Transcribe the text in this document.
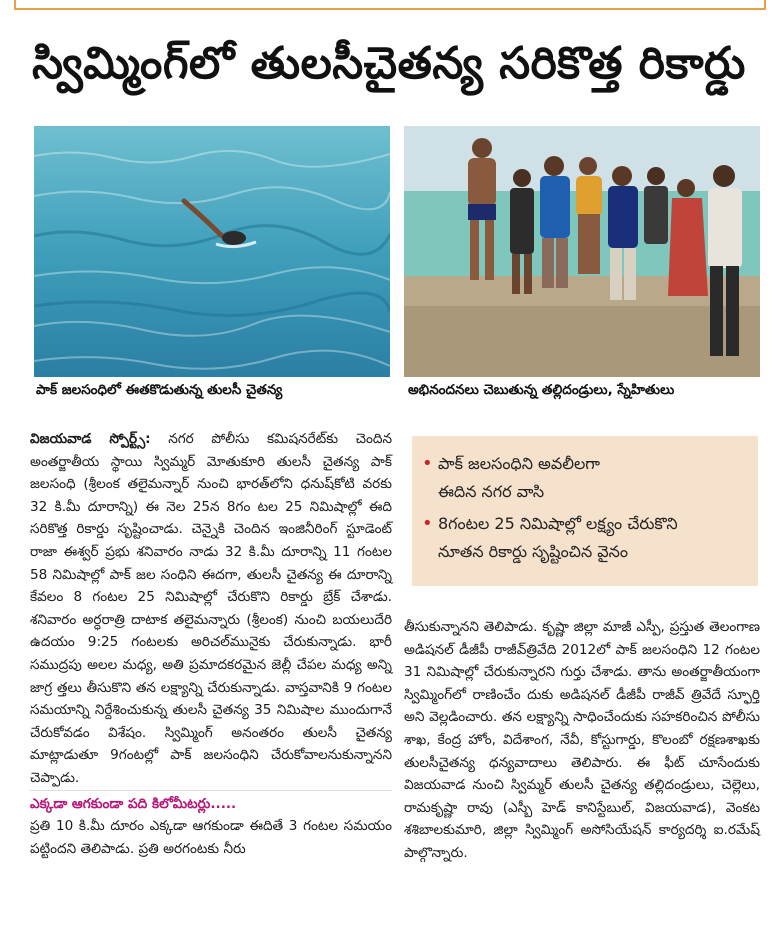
స్విమ్మింగ్‌లో తులసీచైతన్య సరికొత్త రికార్డు
పాక్ జలసంధిలో ఈతకొడుతున్న తులసీ చైతన్య	అభినందనలు చెబుతున్న తల్లిదండ్రులు, స్నేహితులు

విజయవాడ స్పోర్ట్స్: నగర పోలీసు కమిషనరేట్‌కు చెందిన అంతర్జాతీయ స్థాయి స్విమ్మర్ మోతుకూరి తులసీ చైతన్య పాక్ జలసంధి (శ్రీలంక తలైమన్నార్ నుంచి భారత్‌లోని ధనుష్‌కోటి వరకు 32 కి.మీ దూరాన్ని) ఈ నెల 25న 8గం టల 25 నిమిషాల్లో ఈది సరికొత్త రికార్డు సృష్టించాడు. చెన్నైకి చెందిన ఇంజినీరింగ్ స్టూడెంట్ రాజా ఈశ్వర్ ప్రభు శనివారం నాడు 32 కి.మీ దూరాన్ని 11 గంటల 58 నిమిషాల్లో పాక్ జల సంధిని ఈదగా, తులసీ చైతన్య ఈ దూరాన్ని కేవలం 8 గంటల 25 నిమిషాల్లో చేరుకొని రికార్డు బ్రేక్ చేశాడు. శనివారం అర్ధరాత్రి దాటాక తలైమన్నారు (శ్రీలంక) నుంచి బయలుదేరి ఉదయం 9:25 గంటలకు అరిచల్‌మునైకు చేరుకున్నాడు. భారీ సముద్రపు అలల మధ్య, అతి ప్రమాదకరమైన జెల్లీ చేపల మధ్య అన్ని జాగ్ర త్తలు తీసుకొని తన లక్ష్యాన్ని చేరుకున్నాడు. వాస్తవానికి 9 గంటల సమయాన్ని నిర్దేశించుకున్న తులసీ చైతన్య 35 నిమిషాల ముందుగానే చేరుకోవడం విశేషం. స్విమ్మింగ్ అనంతరం తులసీ చైతన్య మాట్లాడుతూ 9గంటల్లో పాక్ జలసంధిని చేరుకోవాలనుకున్నానని చెప్పాడు.

ఎక్కడా ఆగకుండా పది కిలోమీటర్లు.....

ప్రతి 10 కి.మీ దూరం ఎక్కడా ఆగకుండా ఈదితే 3 గంటల సమయం పట్టిందని తెలిపాడు. ప్రతి అరగంటకు నీరు

• పాక్ జలసంధిని అవలీలగా
ఈదిన నగర వాసి
• 8గంటల 25 నిమిషాల్లో లక్ష్యం చేరుకొని
నూతన రికార్డు సృష్టించిన వైనం

తీసుకున్నానని తెలిపాడు. కృష్ణా జిల్లా మాజీ ఎస్పీ, ప్రస్తుత తెలంగాణ అడిషనల్ డీజీపీ రాజీవ్‌త్రివేది 2012లో పాక్ జలసంధిని 12 గంటల 31 నిమిషాల్లో చేరుకున్నారని గుర్తు చేశాడు. తాను అంతర్జాతీయంగా స్విమ్మింగ్‌లో రాణించేం దుకు అడిషనల్ డీజీపీ రాజీవ్ త్రివేదే స్ఫూర్తి అని వెల్లడించారు. తన లక్ష్యాన్ని సాధించేందుకు సహకరించిన పోలీసు శాఖ, కేంద్ర హోం, విదేశాంగ, నేవీ, కోస్టుగార్డు, కొలంబో రక్షణశాఖకు తులసీచైతన్య ధన్యవాదాలు తెలిపారు. ఈ ఫీట్ చూసేందుకు విజయవాడ నుంచి స్విమ్మర్ తులసీ చైతన్య తల్లిదండ్రులు, చెల్లెలు, రామకృష్ణా రావు (ఎస్బీ హెడ్ కానిస్టేబుల్, విజయవాడ), వెంకట శశిబాలకుమారి, జిల్లా స్విమ్మింగ్ అసోసియేషన్ కార్యదర్శి ఐ.రమేష్ పాల్గొన్నారు.
